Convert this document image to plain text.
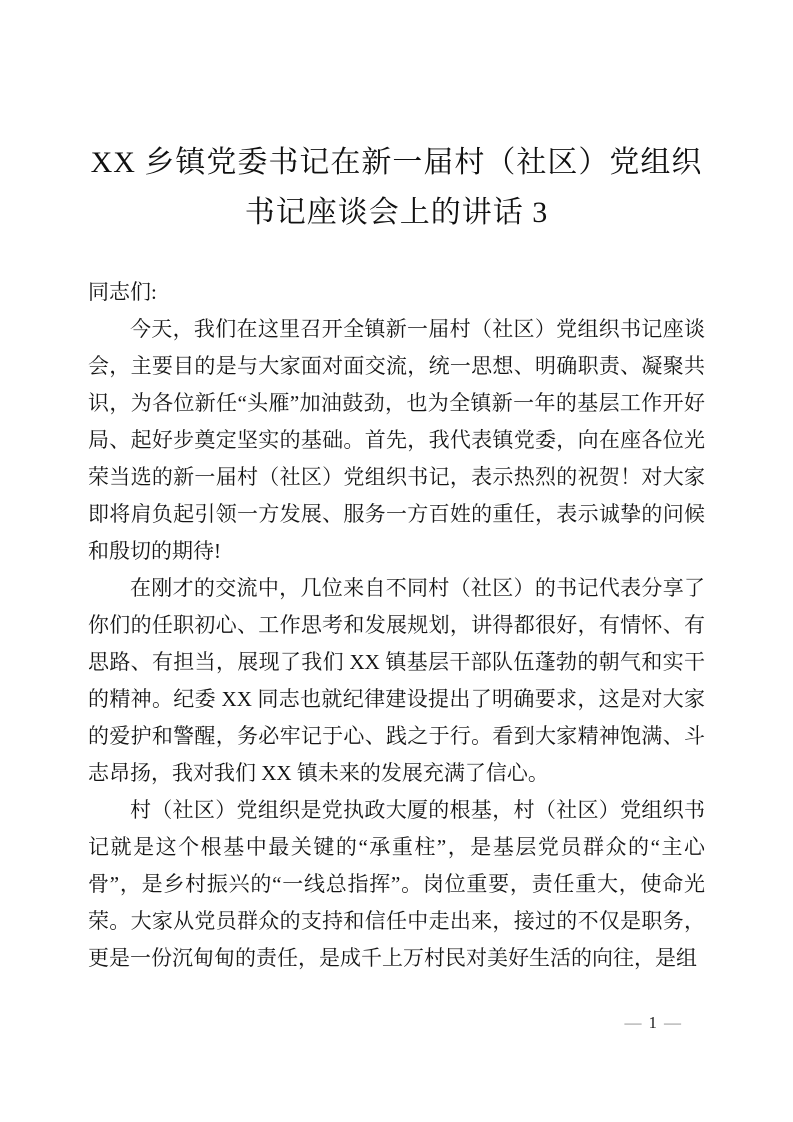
XX 乡镇党委书记在新一届村（社区）党组织
书记座谈会上的讲话 3

同志们:

今天，我们在这里召开全镇新一届村（社区）党组织书记座谈会，主要目的是与大家面对面交流，统一思想、明确职责、凝聚共识，为各位新任“头雁”加油鼓劲，也为全镇新一年的基层工作开好局、起好步奠定坚实的基础。首先，我代表镇党委，向在座各位光荣当选的新一届村（社区）党组织书记，表示热烈的祝贺！对大家即将肩负起引领一方发展、服务一方百姓的重任，表示诚挚的问候和殷切的期待!

在刚才的交流中，几位来自不同村（社区）的书记代表分享了你们的任职初心、工作思考和发展规划，讲得都很好，有情怀、有思路、有担当，展现了我们 XX 镇基层干部队伍蓬勃的朝气和实干的精神。纪委 XX 同志也就纪律建设提出了明确要求，这是对大家的爱护和警醒，务必牢记于心、践之于行。看到大家精神饱满、斗志昂扬，我对我们 XX 镇未来的发展充满了信心。

村（社区）党组织是党执政大厦的根基，村（社区）党组织书记就是这个根基中最关键的“承重柱”，是基层党员群众的“主心骨”，是乡村振兴的“一线总指挥”。岗位重要，责任重大，使命光荣。大家从党员群众的支持和信任中走出来，接过的不仅是职务，更是一份沉甸甸的责任，是成千上万村民对美好生活的向往，是组

— 1 —
